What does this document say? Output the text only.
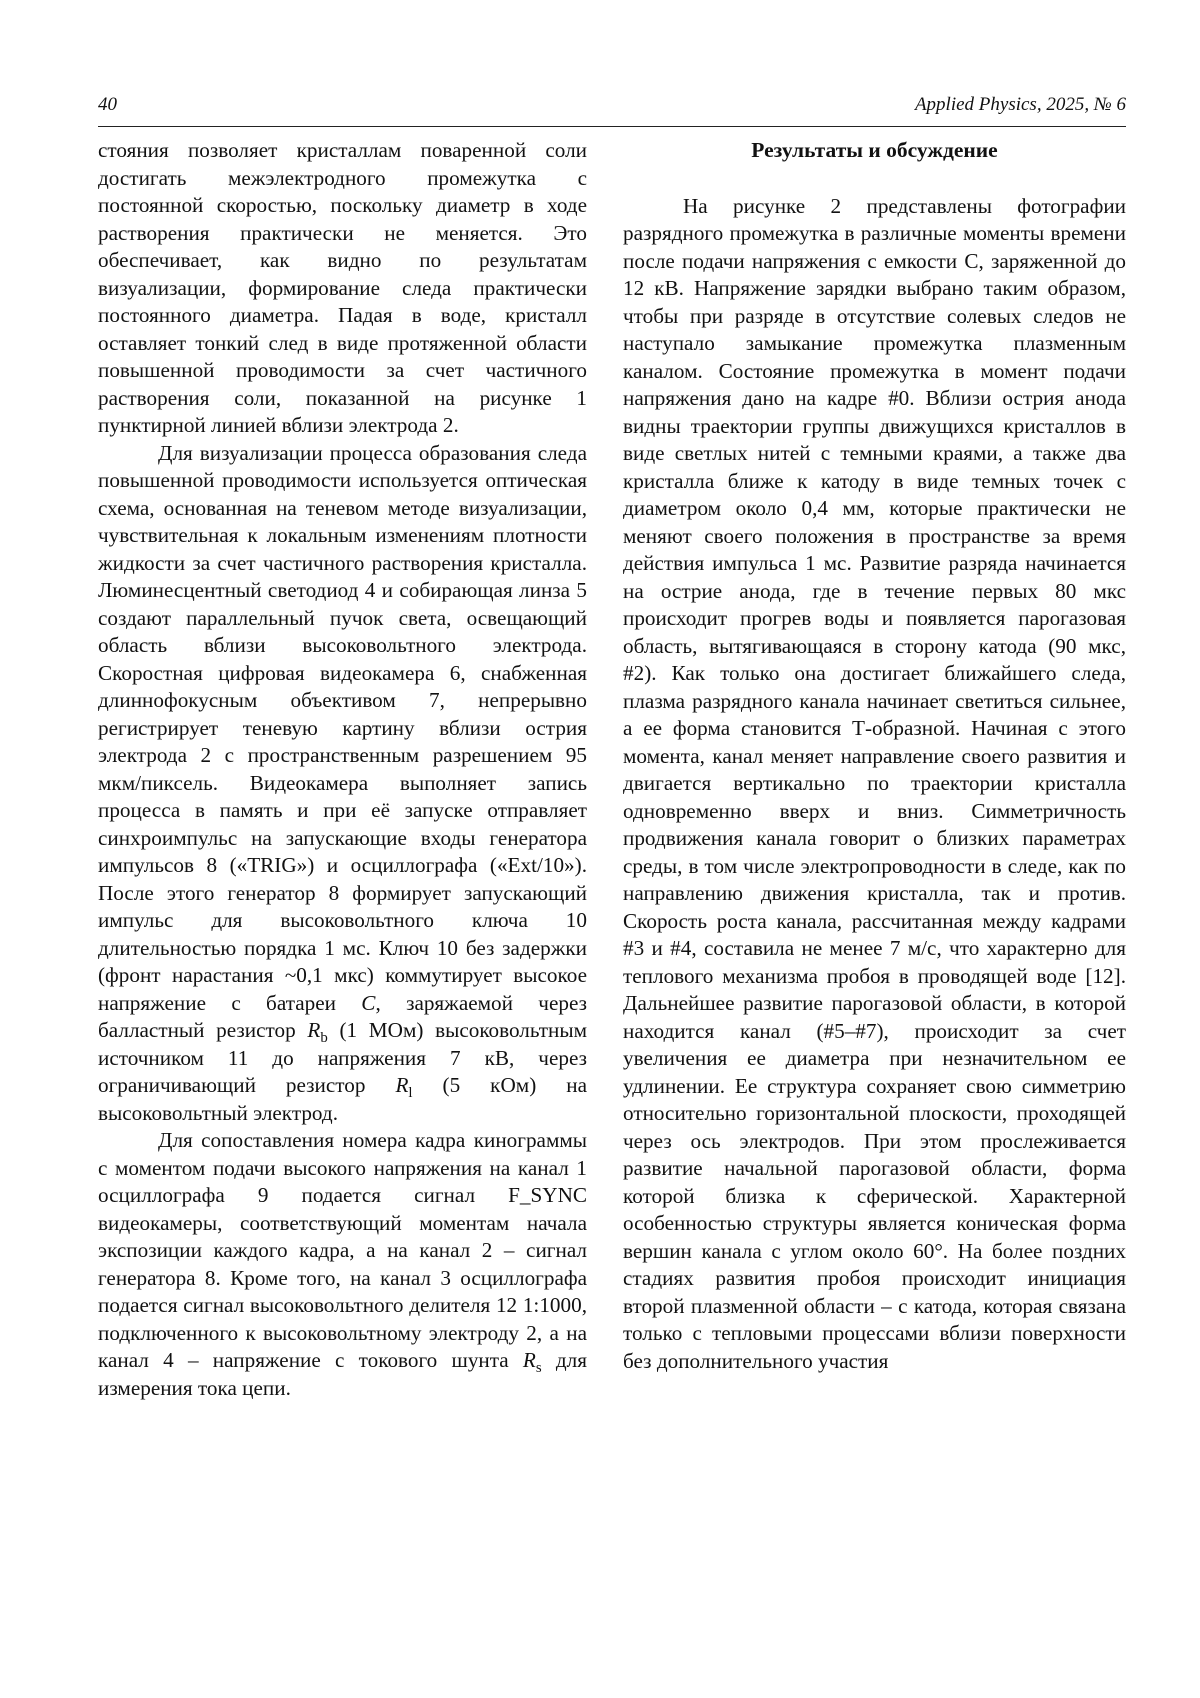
40	Applied Physics, 2025, № 6

стояния позволяет кристаллам поваренной соли достигать межэлектродного промежутка с постоянной скоростью, поскольку диаметр в ходе растворения практически не меняется. Это обеспечивает, как видно по результатам визуализации, формирование следа практически постоянного диаметра. Падая в воде, кристалл оставляет тонкий след в виде протяженной области повышенной проводимости за счет частичного растворения соли, показанной на рисунке 1 пунктирной линией вблизи электрода 2.

Для визуализации процесса образования следа повышенной проводимости используется оптическая схема, основанная на теневом методе визуализации, чувствительная к локальным изменениям плотности жидкости за счет частичного растворения кристалла. Люминесцентный светодиод 4 и собирающая линза 5 создают параллельный пучок света, освещающий область вблизи высоковольтного электрода. Скоростная цифровая видеокамера 6, снабженная длиннофокусным объективом 7, непрерывно регистрирует теневую картину вблизи острия электрода 2 с пространственным разрешением 95 мкм/пиксель. Видеокамера выполняет запись процесса в память и при её запуске отправляет синхроимпульс на запускающие входы генератора импульсов 8 («TRIG») и осциллографа («Ext/10»). После этого генератор 8 формирует запускающий импульс для высоковольтного ключа 10 длительностью порядка 1 мс. Ключ 10 без задержки (фронт нарастания ~0,1 мкс) коммутирует высокое напряжение с батареи C, заряжаемой через балластный резистор $R_b$ (1 МОм) высоковольтным источником 11 до напряжения 7 кВ, через ограничивающий резистор $R_l$ (5 кОм) на высоковольтный электрод.

Для сопоставления номера кадра кинограммы с моментом подачи высокого напряжения на канал 1 осциллографа 9 подается сигнал F_SYNC видеокамеры, соответствующий моментам начала экспозиции каждого кадра, а на канал 2 – сигнал генератора 8. Кроме того, на канал 3 осциллографа подается сигнал высоковольтного делителя 12 1:1000, подключенного к высоковольтному электроду 2, а на канал 4 – напряжение с токового шунта $R_s$ для измерения тока цепи.

Результаты и обсуждение

На рисунке 2 представлены фотографии разрядного промежутка в различные моменты времени после подачи напряжения с емкости С, заряженной до 12 кВ. Напряжение зарядки выбрано таким образом, чтобы при разряде в отсутствие солевых следов не наступало замыкание промежутка плазменным каналом. Состояние промежутка в момент подачи напряжения дано на кадре #0. Вблизи острия анода видны траектории группы движущихся кристаллов в виде светлых нитей с темными краями, а также два кристалла ближе к катоду в виде темных точек с диаметром около 0,4 мм, которые практически не меняют своего положения в пространстве за время действия импульса 1 мс. Развитие разряда начинается на острие анода, где в течение первых 80 мкс происходит прогрев воды и появляется парогазовая область, вытягивающаяся в сторону катода (90 мкс, #2). Как только она достигает ближайшего следа, плазма разрядного канала начинает светиться сильнее, а ее форма становится Т-образной. Начиная с этого момента, канал меняет направление своего развития и двигается вертикально по траектории кристалла одновременно вверх и вниз. Симметричность продвижения канала говорит о близких параметрах среды, в том числе электропроводности в следе, как по направлению движения кристалла, так и против. Скорость роста канала, рассчитанная между кадрами #3 и #4, составила не менее 7 м/с, что характерно для теплового механизма пробоя в проводящей воде [12]. Дальнейшее развитие парогазовой области, в которой находится канал (#5–#7), происходит за счет увеличения ее диаметра при незначительном ее удлинении. Ее структура сохраняет свою симметрию относительно горизонтальной плоскости, проходящей через ось электродов. При этом прослеживается развитие начальной парогазовой области, форма которой близка к сферической. Характерной особенностью структуры является коническая форма вершин канала с углом около 60°. На более поздних стадиях развития пробоя происходит инициация второй плазменной области – с катода, которая связана только с тепловыми процессами вблизи поверхности без дополнительного участия
